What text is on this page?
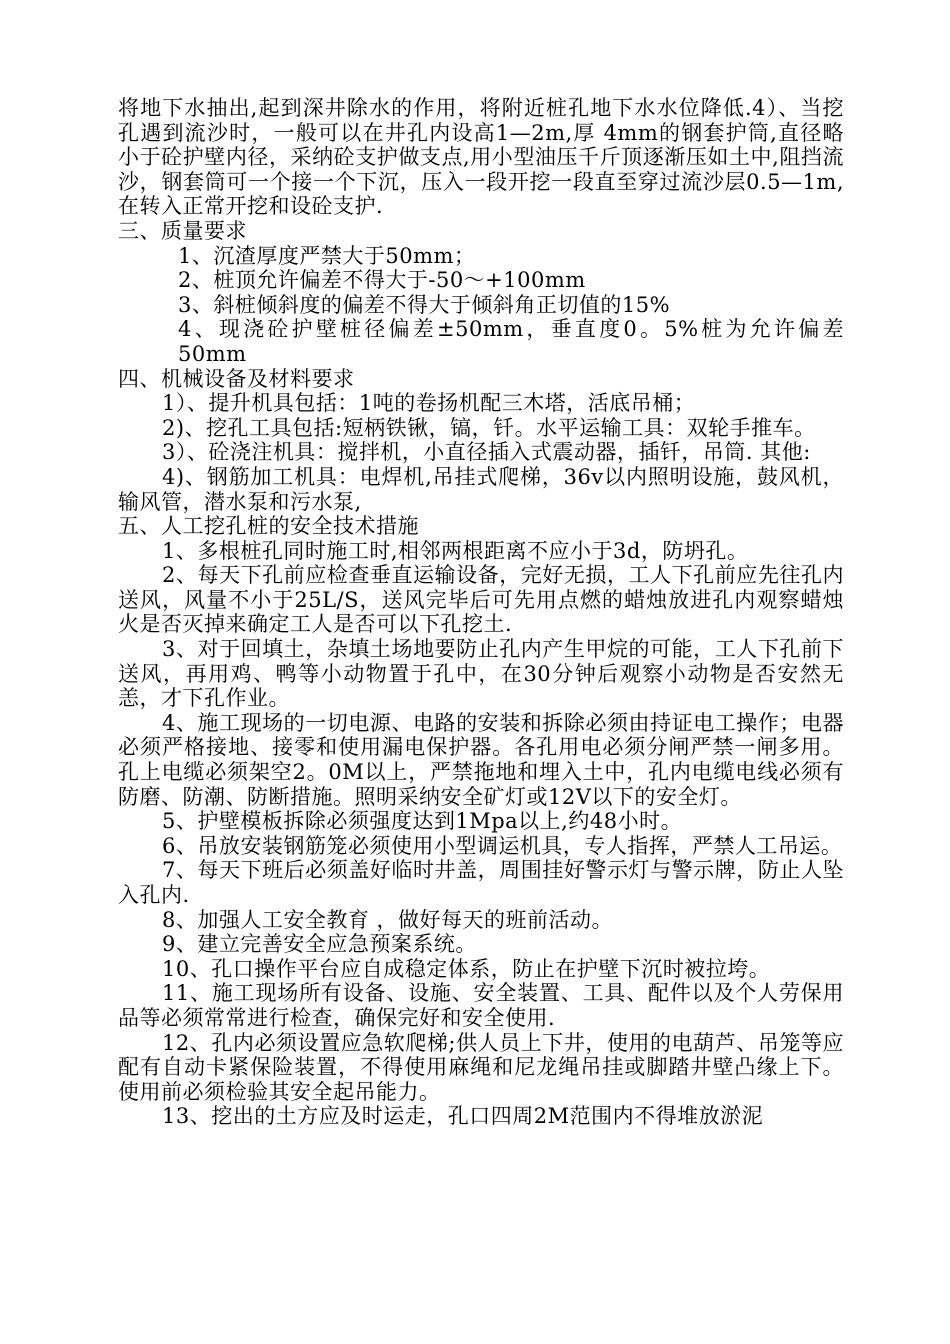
将地下水抽出,起到深井除水的作用，将附近桩孔地下水水位降低.4）、当挖孔遇到流沙时，一般可以在井孔内设高1—2m,厚 4mm的钢套护筒,直径略小于砼护壁内径，采纳砼支护做支点,用小型油压千斤顶逐渐压如土中,阻挡流沙，钢套筒可一个接一个下沉，压入一段开挖一段直至穿过流沙层0.5—1m,在转入正常开挖和设砼支护.

三、质量要求

1、沉渣厚度严禁大于50mm；

2、桩顶允许偏差不得大于-50～+100mm

3、斜桩倾斜度的偏差不得大于倾斜角正切值的15%

4、现浇砼护壁桩径偏差±50mm，垂直度0。5%桩为允许偏差50mm

四、机械设备及材料要求

1）、提升机具包括：1吨的卷扬机配三木塔，活底吊桶；

2)、挖孔工具包括:短柄铁锹，镐，钎。水平运输工具：双轮手推车。

3）、砼浇注机具：搅拌机，小直径插入式震动器，插钎，吊筒. 其他:

4)、钢筋加工机具：电焊机,吊挂式爬梯，36v以内照明设施，鼓风机，输风管，潜水泵和污水泵,

五、人工挖孔桩的安全技术措施

1、多根桩孔同时施工时,相邻两根距离不应小于3d，防坍孔。

2、每天下孔前应检查垂直运输设备，完好无损，工人下孔前应先往孔内送风，风量不小于25L/S，送风完毕后可先用点燃的蜡烛放进孔内观察蜡烛火是否灭掉来确定工人是否可以下孔挖土.

3、对于回填土，杂填土场地要防止孔内产生甲烷的可能，工人下孔前下送风，再用鸡、鸭等小动物置于孔中，在30分钟后观察小动物是否安然无恙，才下孔作业。

4、施工现场的一切电源、电路的安装和拆除必须由持证电工操作；电器必须严格接地、接零和使用漏电保护器。各孔用电必须分闸严禁一闸多用。孔上电缆必须架空2。0M以上，严禁拖地和埋入土中，孔内电缆电线必须有防磨、防潮、防断措施。照明采纳安全矿灯或12V以下的安全灯。

5、护壁模板拆除必须强度达到1Mpa以上,约48小时。

6、吊放安装钢筋笼必须使用小型调运机具，专人指挥，严禁人工吊运。

7、每天下班后必须盖好临时井盖，周围挂好警示灯与警示牌，防止人坠入孔内.

8、加强人工安全教育 ，做好每天的班前活动。

9、建立完善安全应急预案系统。

10、孔口操作平台应自成稳定体系，防止在护壁下沉时被拉垮。

11、施工现场所有设备、设施、安全装置、工具、配件以及个人劳保用品等必须常常进行检查，确保完好和安全使用.

12、孔内必须设置应急软爬梯;供人员上下井，使用的电葫芦、吊笼等应配有自动卡紧保险装置，不得使用麻绳和尼龙绳吊挂或脚踏井壁凸缘上下。使用前必须检验其安全起吊能力。

13、挖出的土方应及时运走，孔口四周2M范围内不得堆放淤泥
